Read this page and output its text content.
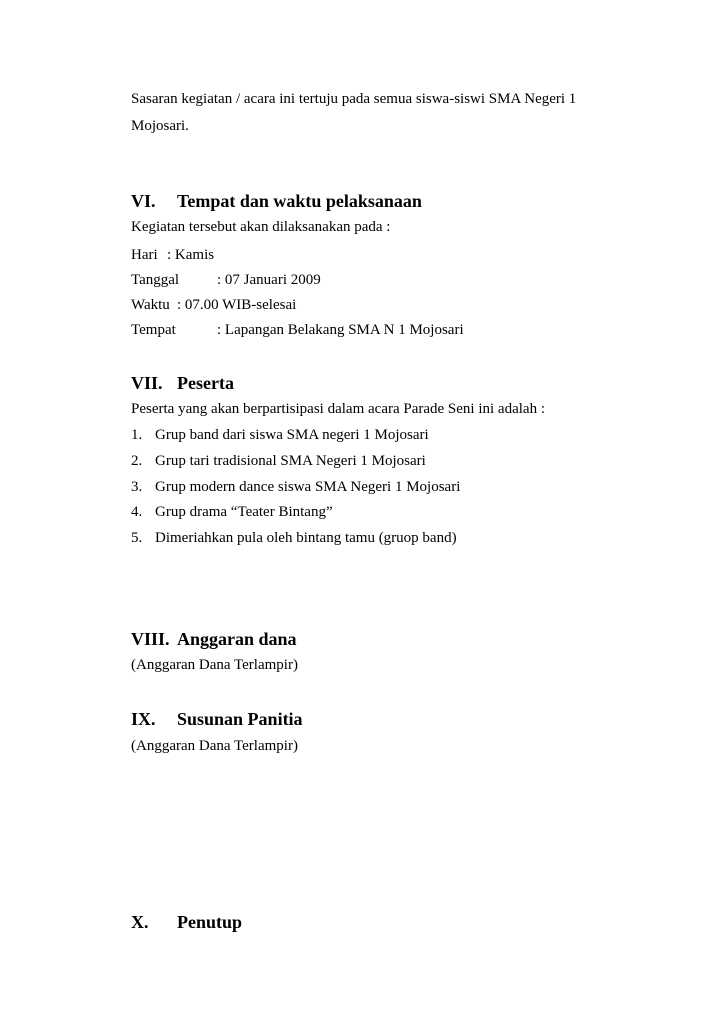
Sasaran kegiatan / acara ini tertuju pada semua siswa-siswi SMA Negeri 1
Mojosari.
VI. Tempat dan waktu pelaksanaan
Kegiatan tersebut akan dilaksanakan pada :
Hari : Kamis
Tanggal	: 07 Januari 2009
Waktu : 07.00 WIB-selesai
Tempat	: Lapangan Belakang SMA N 1 Mojosari
VII. Peserta
Peserta yang akan berpartisipasi dalam acara Parade Seni ini adalah :
1. Grup band dari siswa SMA negeri 1 Mojosari
2. Grup tari tradisional SMA Negeri 1 Mojosari
3. Grup modern dance siswa SMA Negeri 1 Mojosari
4. Grup drama “Teater Bintang”
5. Dimeriahkan pula oleh bintang tamu (gruop band)
VIII. Anggaran dana
(Anggaran Dana Terlampir)
IX. Susunan Panitia
(Anggaran Dana Terlampir)
X. Penutup
